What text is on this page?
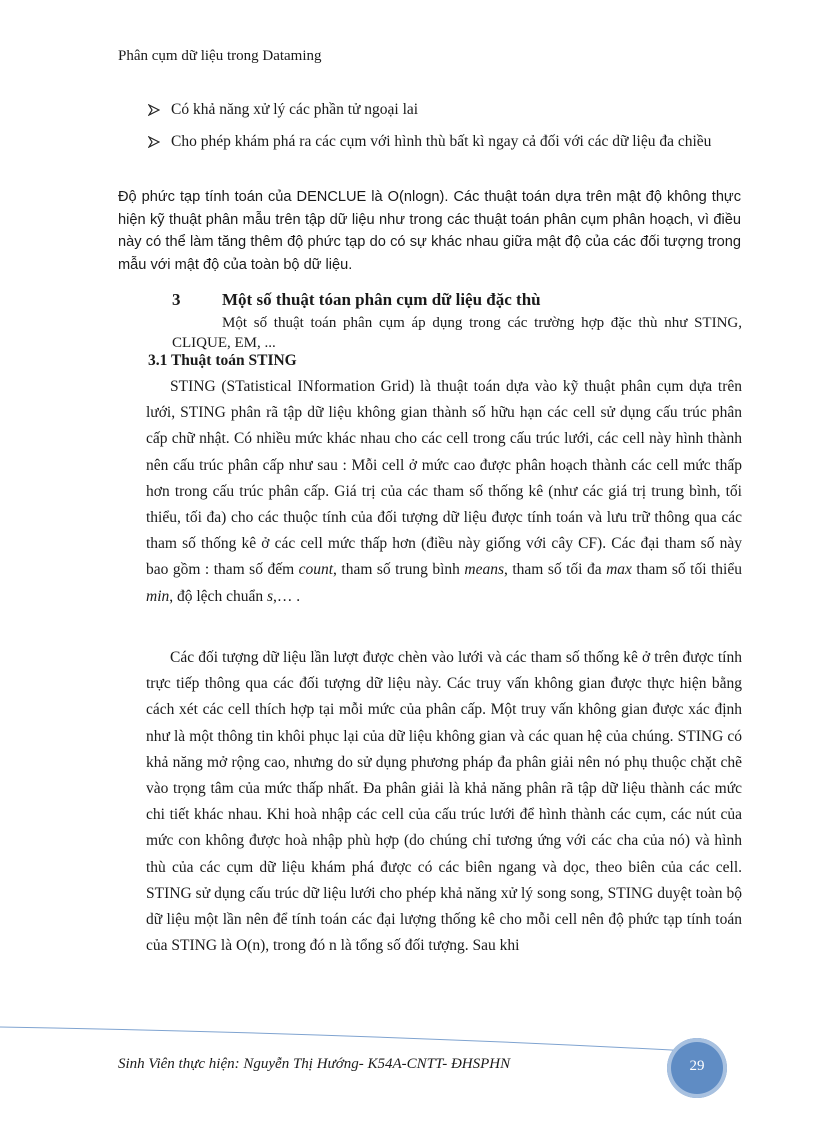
Phân cụm dữ liệu trong Dataming
Có khả năng xử lý các phần tử ngoại lai
Cho phép khám phá ra các cụm với hình thù bất kì ngay cả đối với các dữ liệu đa chiều
Độ phức tạp tính toán của DENCLUE là O(nlogn). Các thuật toán dựa trên mật độ không thực hiện kỹ thuật phân mẫu trên tập dữ liệu như trong các thuật toán phân cụm phân hoạch, vì điều này có thể làm tăng thêm độ phức tạp do có sự khác nhau giữa mật độ của các đối tượng trong mẫu với mật độ của toàn bộ dữ liệu.
3 Một số thuật tóan phân cụm dữ liệu đặc thù
Một số thuật toán phân cụm áp dụng trong các trường hợp đặc thù như STING, CLIQUE, EM, ...
3.1 Thuật toán STING
STING (STatistical INformation Grid) là thuật toán dựa vào kỹ thuật phân cụm dựa trên lưới, STING phân rã tập dữ liệu không gian thành số hữu hạn các cell sử dụng cấu trúc phân cấp chữ nhật. Có nhiều mức khác nhau cho các cell trong cấu trúc lưới, các cell này hình thành nên cấu trúc phân cấp như sau : Mỗi cell ở mức cao được phân hoạch thành các cell mức thấp hơn trong cấu trúc phân cấp. Giá trị của các tham số thống kê (như các giá trị trung bình, tối thiểu, tối đa) cho các thuộc tính của đối tượng dữ liệu được tính toán và lưu trữ thông qua các tham số thống kê ở các cell mức thấp hơn (điều này giống với cây CF). Các đại tham số này bao gồm : tham số đếm count, tham số trung bình means, tham số tối đa max tham số tối thiểu min, độ lệch chuẩn s,… .
Các đối tượng dữ liệu lần lượt được chèn vào lưới và các tham số thống kê ở trên được tính trực tiếp thông qua các đối tượng dữ liệu này. Các truy vấn không gian được thực hiện bằng cách xét các cell thích hợp tại mỗi mức của phân cấp. Một truy vấn không gian được xác định như là một thông tin khôi phục lại của dữ liệu không gian và các quan hệ của chúng. STING có khả năng mở rộng cao, nhưng do sử dụng phương pháp đa phân giải nên nó phụ thuộc chặt chẽ vào trọng tâm của mức thấp nhất. Đa phân giải là khả năng phân rã tập dữ liệu thành các mức chi tiết khác nhau. Khi hoà nhập các cell của cấu trúc lưới để hình thành các cụm, các nút của mức con không được hoà nhập phù hợp (do chúng chỉ tương ứng với các cha của nó) và hình thù của các cụm dữ liệu khám phá được có các biên ngang và dọc, theo biên của các cell. STING sử dụng cấu trúc dữ liệu lưới cho phép khả năng xử lý song song, STING duyệt toàn bộ dữ liệu một lần nên để tính toán các đại lượng thống kê cho mỗi cell nên độ phức tạp tính toán của STING là O(n), trong đó n là tổng số đối tượng. Sau khi
Sinh Viên thực hiện: Nguyễn Thị Hướng- K54A-CNTT- ĐHSPHN	29
